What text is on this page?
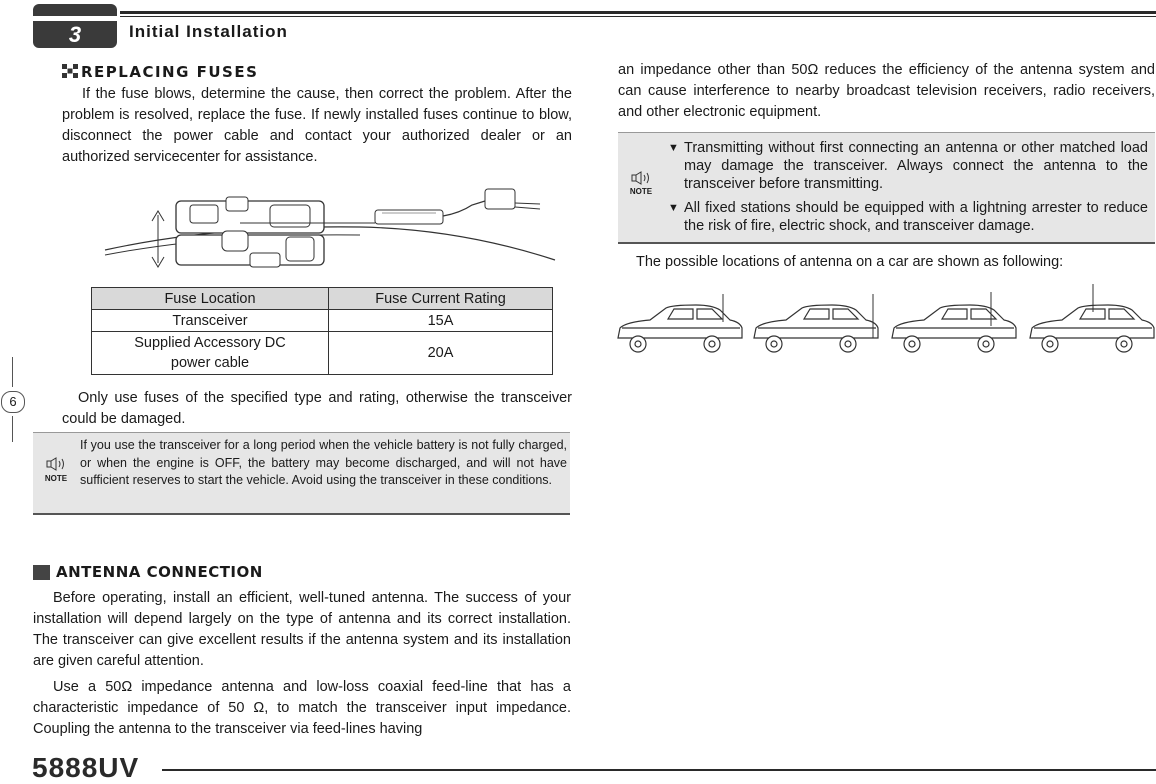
3	Initial Installation
REPLACING FUSES
If the fuse blows, determine the cause, then correct the problem. After the problem is resolved, replace the fuse. If newly installed fuses continue to blow, disconnect the power cable and contact your authorized dealer or an authorized servicecenter for assistance.
Fuse Location	Fuse Current Rating
Transceiver	15A
Supplied Accessory DC power cable	20A
Only use fuses of the specified type and rating, otherwise the transceiver could be damaged.
NOTE
If you use the transceiver for a long period when the vehicle battery is not fully charged, or when the engine is OFF, the battery may become discharged, and will not have sufficient reserves to start the vehicle. Avoid using the transceiver in these conditions.
ANTENNA CONNECTION
Before operating, install an efficient, well-tuned antenna. The success of your installation will depend largely on the type of antenna and its correct installation. The transceiver can give excellent results if the antenna system and its installation are given careful attention.
Use a 50Ω impedance antenna and low-loss coaxial feed-line that has a characteristic impedance of 50 Ω, to match the transceiver input impedance. Coupling the antenna to the transceiver via feed-lines having
an impedance other than 50Ω reduces the efficiency of the antenna system and can cause interference to nearby broadcast television receivers, radio receivers, and other electronic equipment.
NOTE
▼ Transmitting without first connecting an antenna or other matched load may damage the transceiver. Always connect the antenna to the transceiver before transmitting.
▼ All fixed stations should be equipped with a lightning arrester to reduce the risk of fire, electric shock, and transceiver damage.
The possible locations of antenna on a car are shown as following:
6
5888UV
